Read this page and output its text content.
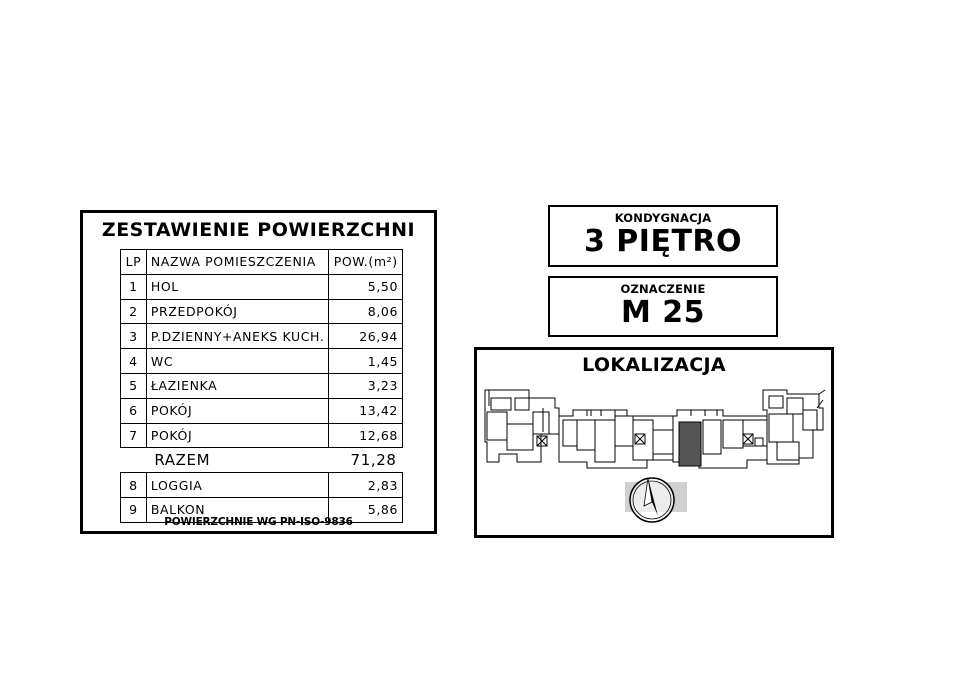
ZESTAWIENIE POWIERZCHNI
LP	NAZWA POMIESZCZENIA	POW.(m²)
1	HOL	5,50
2	PRZEDPOKÓJ	8,06
3	P.DZIENNY+ANEKS KUCH.	26,94
4	WC	1,45
5	ŁAZIENKA	3,23
6	POKÓJ	13,42
7	POKÓJ	12,68
	RAZEM	71,28
8	LOGGIA	2,83
9	BALKON	5,86
POWIERZCHNIE WG PN-ISO-9836
KONDYGNACJA
3 PIĘTRO
OZNACZENIE
M 25
LOKALIZACJA
